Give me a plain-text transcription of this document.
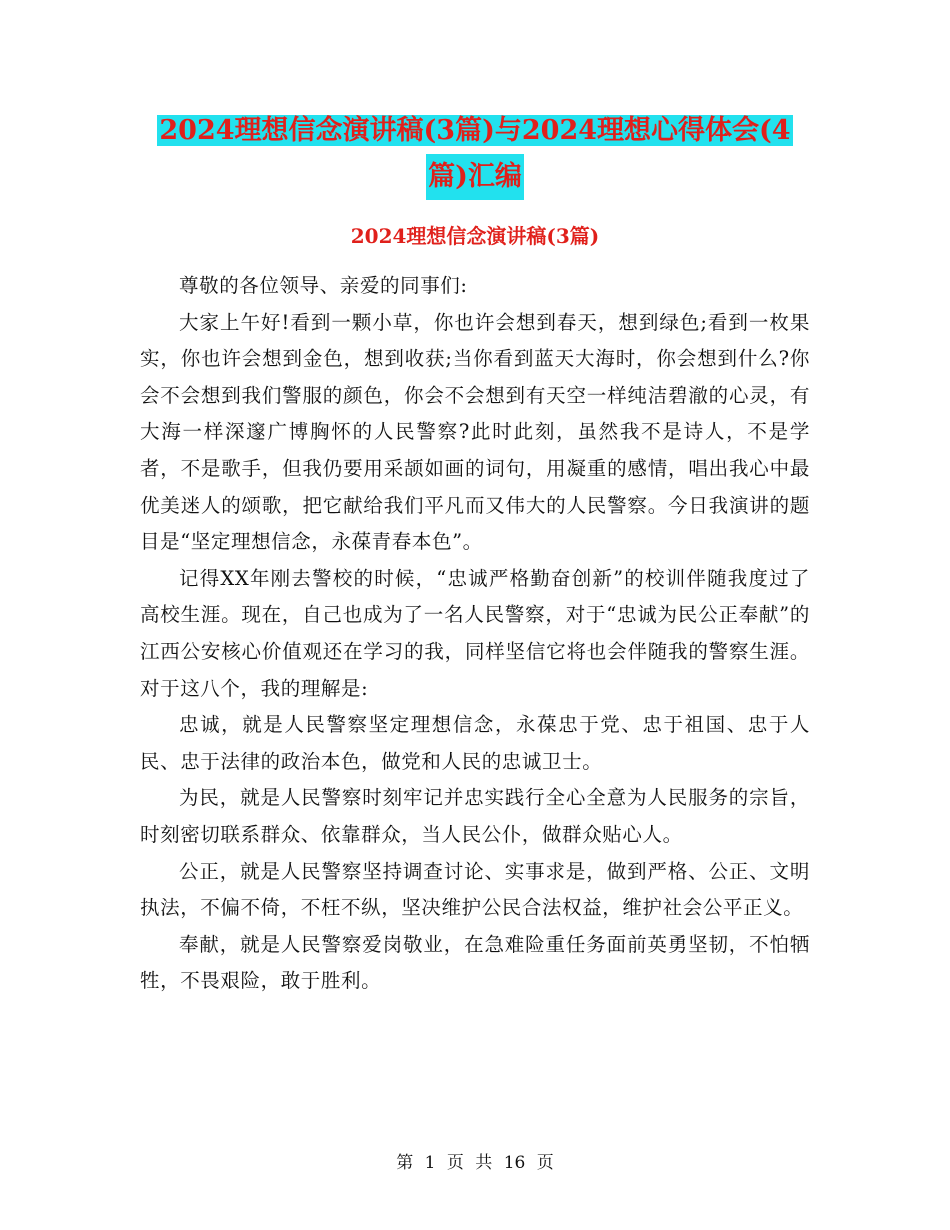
2024理想信念演讲稿(3篇)与2024理想心得体会(4
篇)汇编
2024理想信念演讲稿(3篇)

尊敬的各位领导、亲爱的同事们:

大家上午好!看到一颗小草，你也许会想到春天，想到绿色;看到一枚果实，你也许会想到金色，想到收获;当你看到蓝天大海时，你会想到什么?你会不会想到我们警服的颜色，你会不会想到有天空一样纯洁碧澈的心灵，有大海一样深邃广博胸怀的人民警察?此时此刻，虽然我不是诗人，不是学者，不是歌手，但我仍要用采颉如画的词句，用凝重的感情，唱出我心中最优美迷人的颂歌，把它献给我们平凡而又伟大的人民警察。今日我演讲的题目是“坚定理想信念，永葆青春本色”。

记得XX年刚去警校的时候，“忠诚严格勤奋创新”的校训伴随我度过了高校生涯。现在，自己也成为了一名人民警察，对于“忠诚为民公正奉献”的江西公安核心价值观还在学习的我，同样坚信它将也会伴随我的警察生涯。对于这八个，我的理解是:

忠诚，就是人民警察坚定理想信念，永葆忠于党、忠于祖国、忠于人民、忠于法律的政治本色，做党和人民的忠诚卫士。

为民，就是人民警察时刻牢记并忠实践行全心全意为人民服务的宗旨，时刻密切联系群众、依靠群众，当人民公仆，做群众贴心人。

公正，就是人民警察坚持调查讨论、实事求是，做到严格、公正、文明执法，不偏不倚，不枉不纵，坚决维护公民合法权益，维护社会公平正义。

奉献，就是人民警察爱岗敬业，在急难险重任务面前英勇坚韧，不怕牺牲，不畏艰险，敢于胜利。

第 1 页 共 16 页
